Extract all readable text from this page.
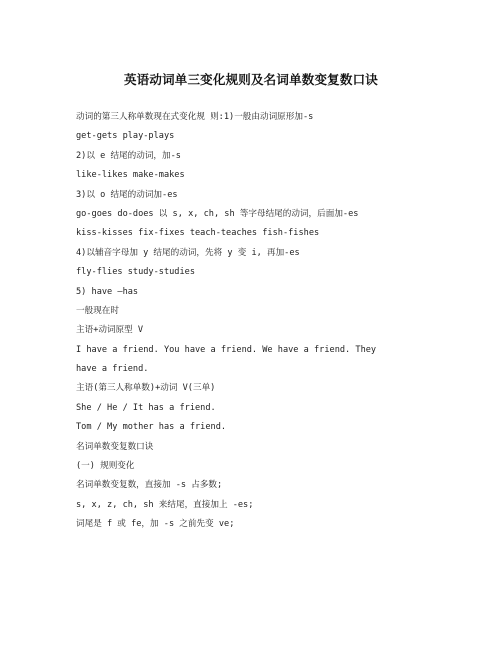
英语动词单三变化规则及名词单数变复数口诀
动词的第三人称单数现在式变化规 则:1)一般由动词原形加-s
get-gets play-plays
2)以 e 结尾的动词，加-s
like-likes make-makes
3)以 o 结尾的动词加-es
go-goes do-does 以 s, x, ch, sh 等字母结尾的动词，后面加-es
kiss-kisses fix-fixes teach-teaches fish-fishes
4)以辅音字母加 y 结尾的动词，先将 y 变 i, 再加-es
fly-flies study-studies
5) have –has
一般现在时
主语+动词原型 V
I have a friend. You have a friend. We have a friend. They
have a friend.
主语(第三人称单数)+动词 V(三单)
She / He / It has a friend.
Tom / My mother has a friend.
名词单数变复数口诀
(一) 规则变化
名词单数变复数，直接加 -s 占多数;
s, x, z, ch, sh 来结尾，直接加上 -es;
词尾是 f 或 fe，加 -s 之前先变 ve;
